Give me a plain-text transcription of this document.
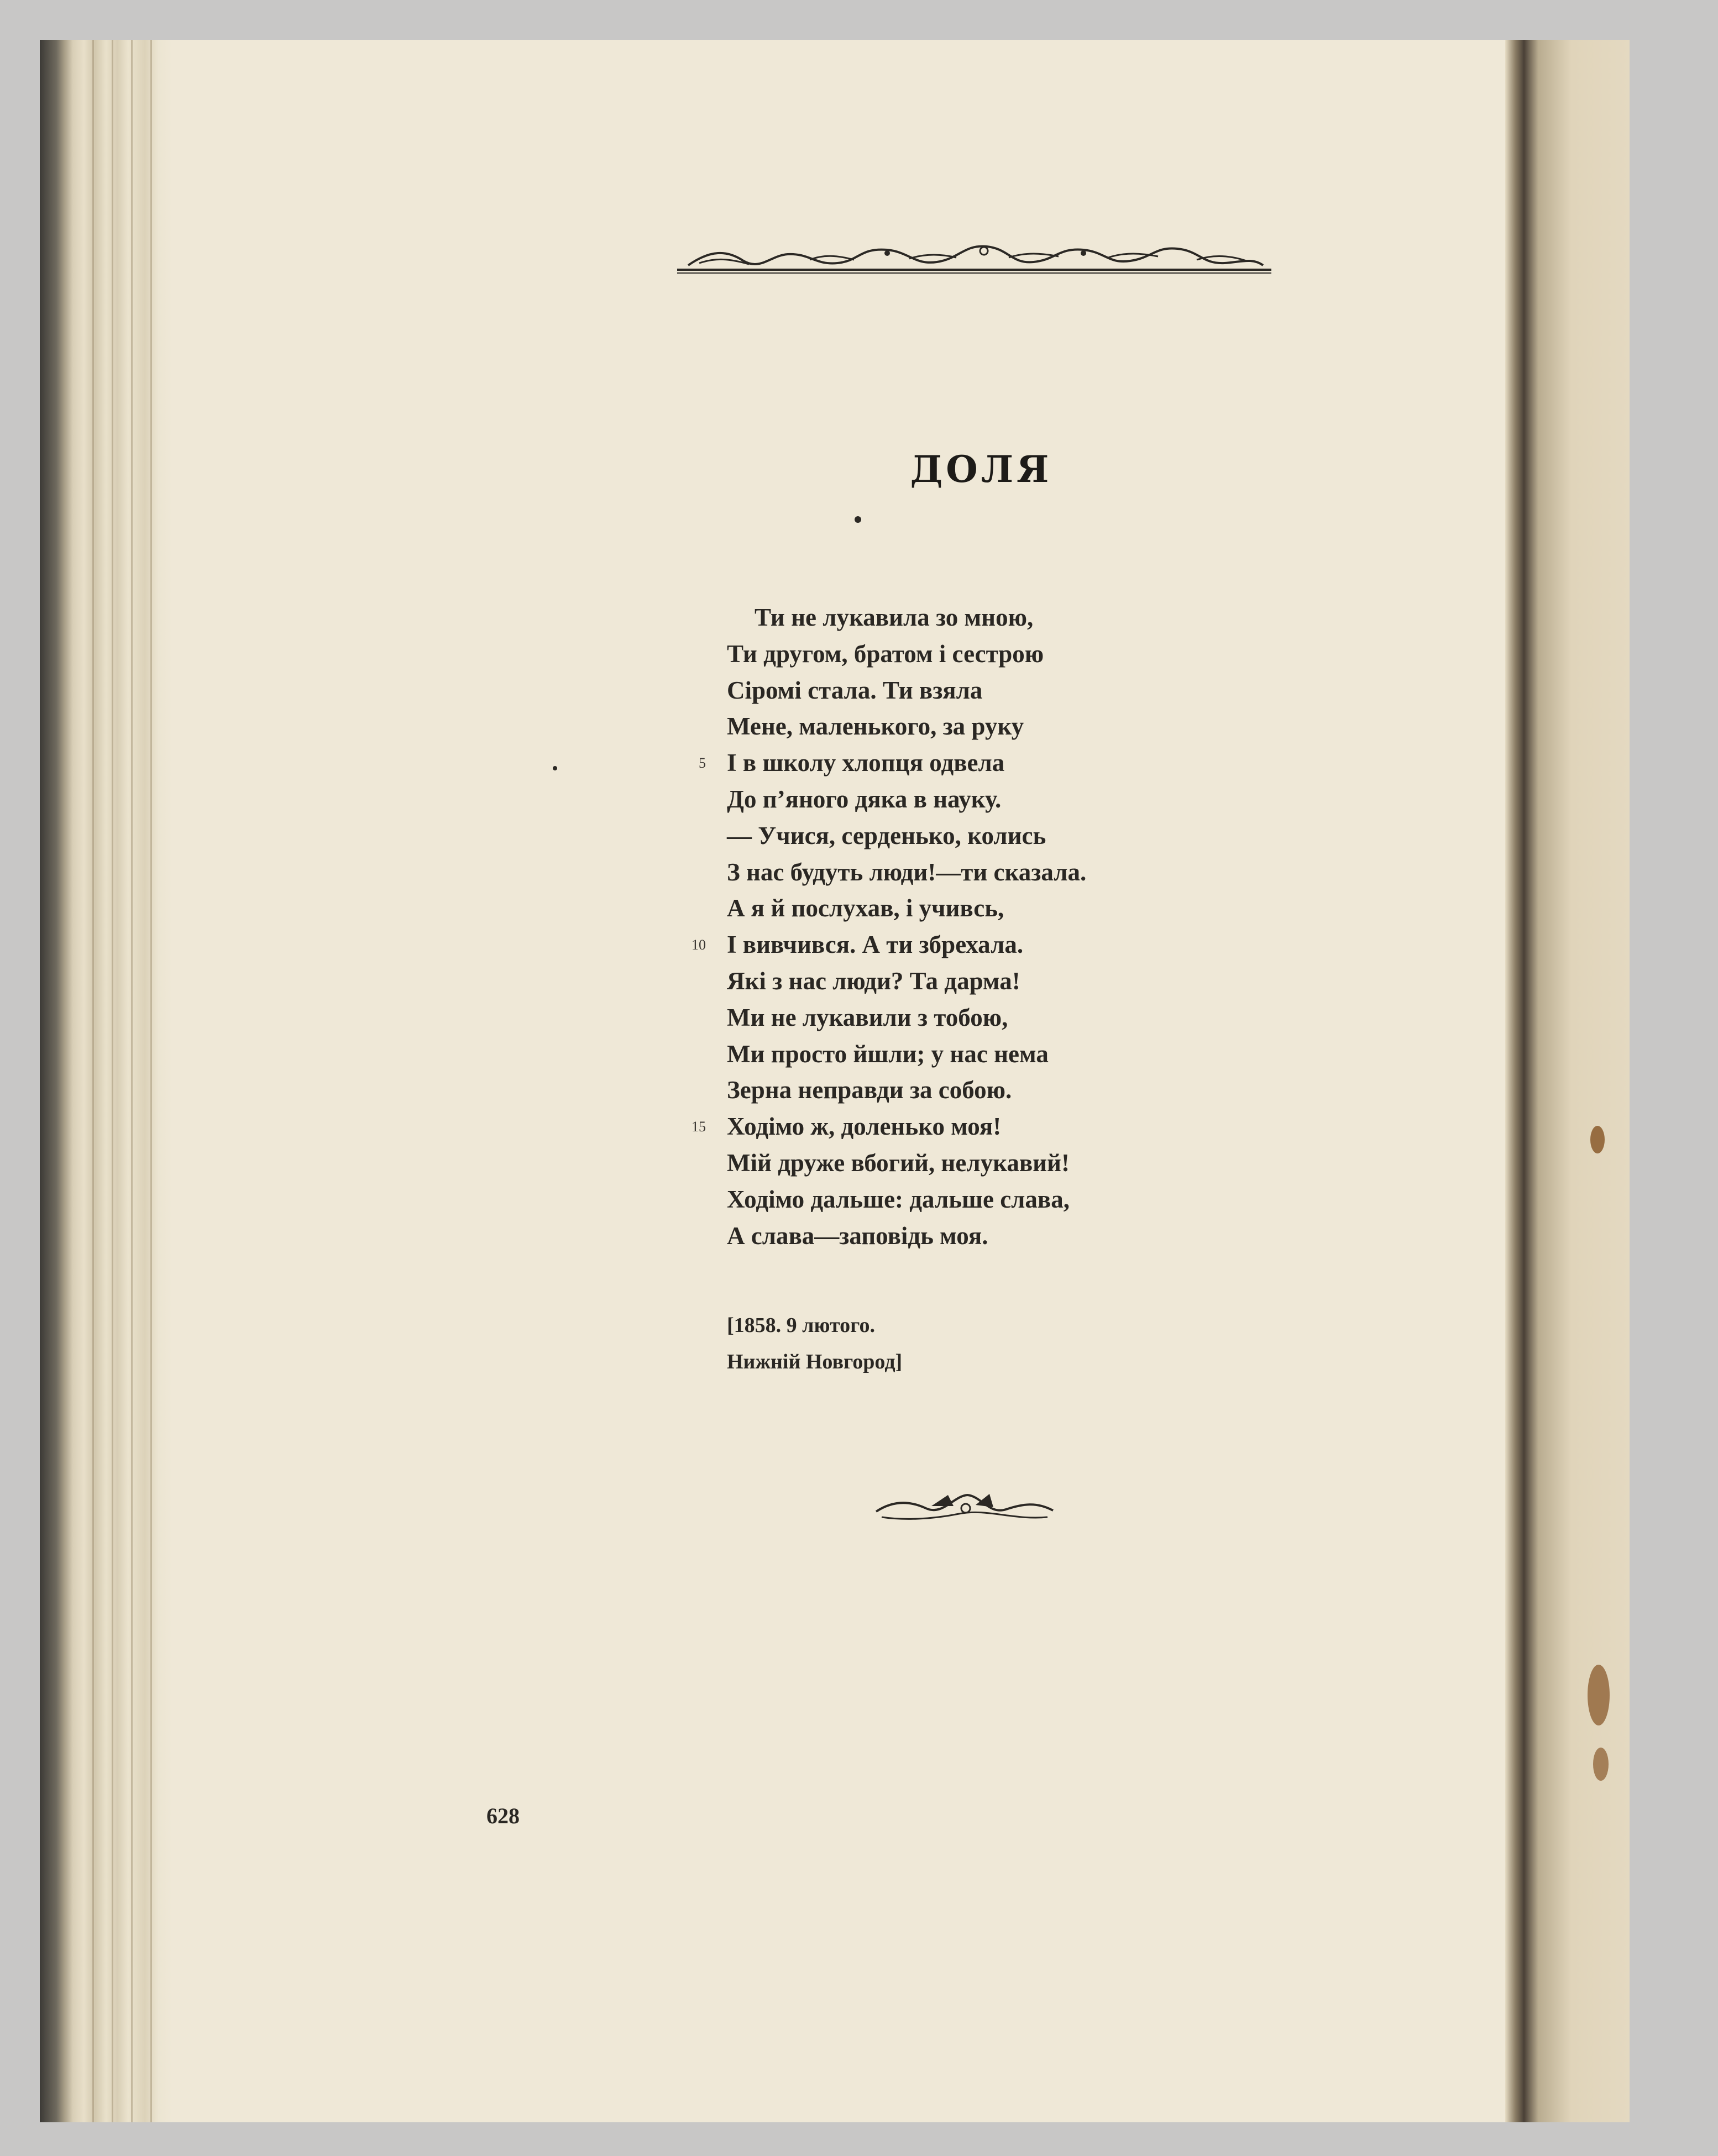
ДОЛЯ
Ти не лукавила зо мною,
Ти другом, братом і сестрою
Сіромі стала. Ти взяла
Мене, маленького, за руку
5 І в школу хлопця одвела
До п’яного дяка в науку.
— Учися, серденько, колись
З нас будуть люди!—ти сказала.
А я й послухав, і учивсь,
10 І вивчився. А ти збрехала.
Які з нас люди? Та дарма!
Ми не лукавили з тобою,
Ми просто йшли; у нас нема
Зерна неправди за собою.
15 Ходімо ж, доленько моя!
Мій друже вбогий, нелукавий!
Ходімо дальше: дальше слава,
А слава—заповідь моя.
[1858. 9 лютого.
Нижній Новгород]
628
